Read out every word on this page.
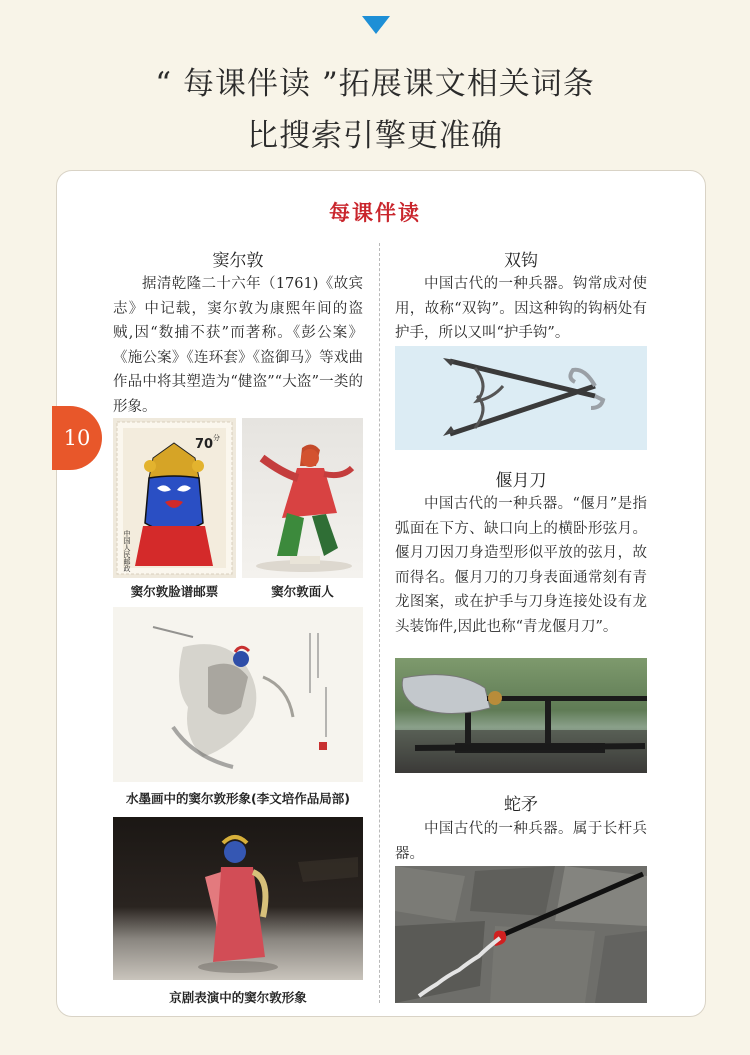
“ 每课伴读 ”拓展课文相关词条
比搜索引擎更准确
每课伴读
10
窦尔敦
据清乾隆二十六年（1761)《故宾志》中记载，窦尔敦为康熙年间的盗贼,因“数捕不获”而著称。《彭公案》《施公案》《连环套》《盗御马》等戏曲作品中将其塑造为“健盗”“大盗”一类的形象。
70 分
中国人民邮政
窦尔敦脸谱邮票	窦尔敦面人

水墨画中的窦尔敦形象(李文培作品局部)
京剧表演中的窦尔敦形象
双钩
中国古代的一种兵器。钩常成对使用，故称“双钩”。因这种钩的钩柄处有护手，所以又叫“护手钩”。
偃月刀
中国古代的一种兵器。“偃月”是指弧面在下方、缺口向上的横卧形弦月。偃月刀因刀身造型形似平放的弦月，故而得名。偃月刀的刀身表面通常刻有青龙图案，或在护手与刀身连接处设有龙头装饰件,因此也称“青龙偃月刀”。
蛇矛
中国古代的一种兵器。属于长杆兵器。
